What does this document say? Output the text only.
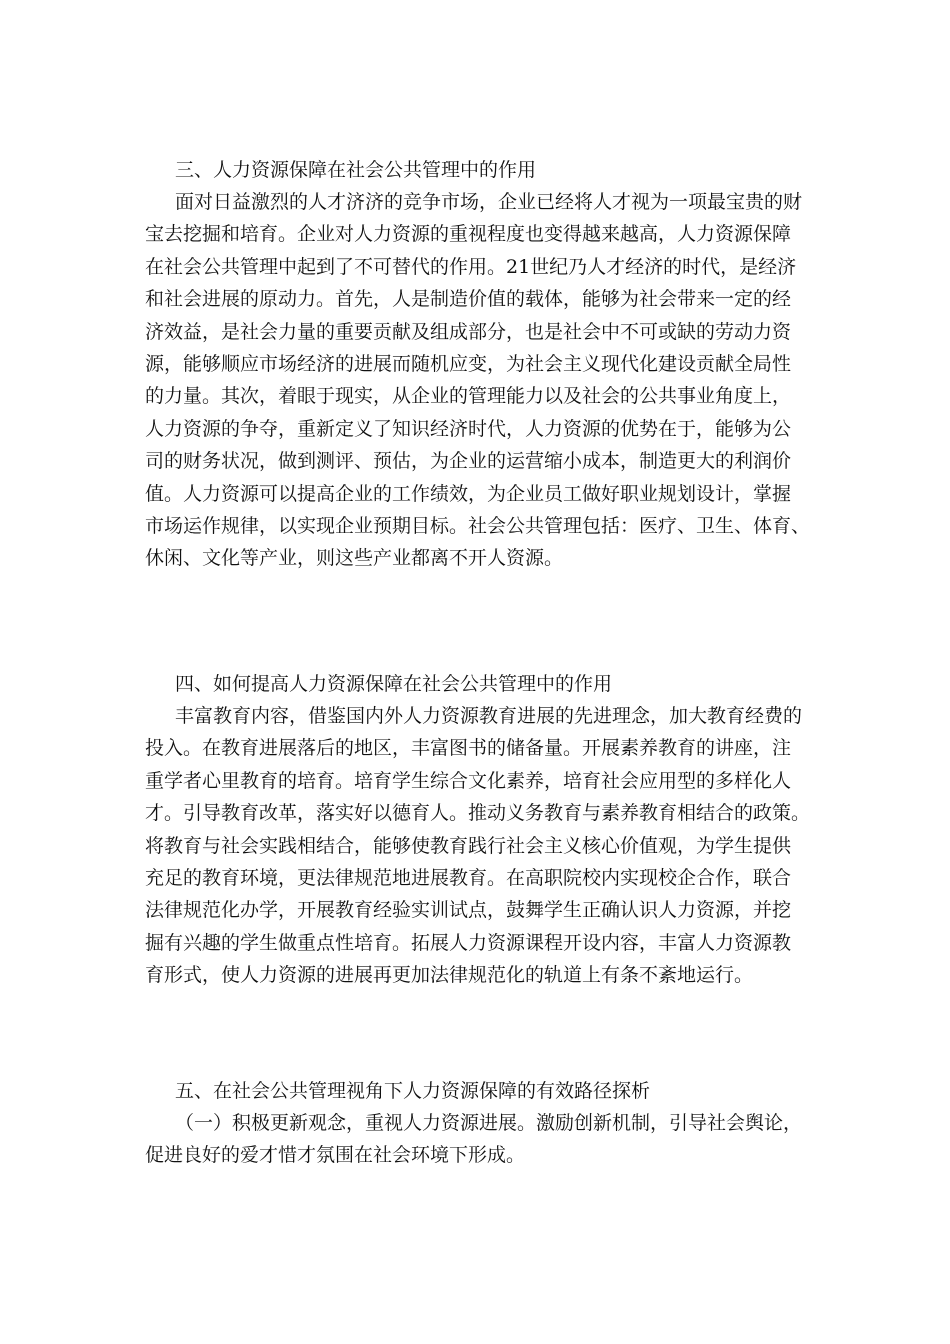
三、人力资源保障在社会公共管理中的作用

面对日益激烈的人才济济的竞争市场，企业已经将人才视为一项最宝贵的财

宝去挖掘和培育。企业对人力资源的重视程度也变得越来越高，人力资源保障

在社会公共管理中起到了不可替代的作用。21世纪乃人才经济的时代，是经济

和社会进展的原动力。首先，人是制造价值的载体，能够为社会带来一定的经

济效益，是社会力量的重要贡献及组成部分，也是社会中不可或缺的劳动力资

源，能够顺应市场经济的进展而随机应变，为社会主义现代化建设贡献全局性

的力量。其次，着眼于现实，从企业的管理能力以及社会的公共事业角度上，

人力资源的争夺，重新定义了知识经济时代，人力资源的优势在于，能够为公

司的财务状况，做到测评、预估，为企业的运营缩小成本，制造更大的利润价

值。人力资源可以提高企业的工作绩效，为企业员工做好职业规划设计，掌握

市场运作规律，以实现企业预期目标。社会公共管理包括：医疗、卫生、体育、

休闲、文化等产业，则这些产业都离不开人资源。

四、如何提高人力资源保障在社会公共管理中的作用

丰富教育内容，借鉴国内外人力资源教育进展的先进理念，加大教育经费的

投入。在教育进展落后的地区，丰富图书的储备量。开展素养教育的讲座，注

重学者心里教育的培育。培育学生综合文化素养，培育社会应用型的多样化人

才。引导教育改革，落实好以德育人。推动义务教育与素养教育相结合的政策。

将教育与社会实践相结合，能够使教育践行社会主义核心价值观，为学生提供

充足的教育环境，更法律规范地进展教育。在高职院校内实现校企合作，联合

法律规范化办学，开展教育经验实训试点，鼓舞学生正确认识人力资源，并挖

掘有兴趣的学生做重点性培育。拓展人力资源课程开设内容，丰富人力资源教

育形式，使人力资源的进展再更加法律规范化的轨道上有条不紊地运行。

五、在社会公共管理视角下人力资源保障的有效路径探析

（一）积极更新观念，重视人力资源进展。激励创新机制，引导社会舆论，

促进良好的爱才惜才氛围在社会环境下形成。
